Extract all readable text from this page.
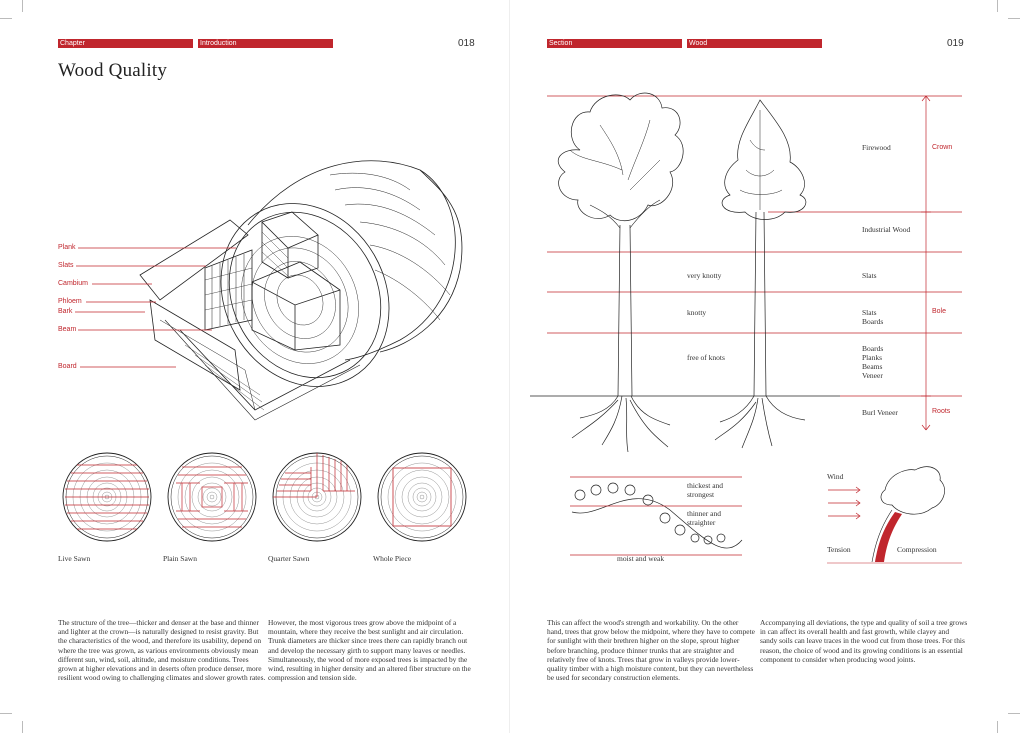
Chapter	Introduction	018
Wood Quality
Plank
Slats
Cambium
Phloem
Bark
Beam
Board
Live Sawn	Plain Sawn	Quarter Sawn	Whole Piece

The structure of the tree—thicker and denser at the base and thinner and lighter at the crown—is naturally designed to resist gravity. But the characteristics of the wood, and therefore its usability, depend on where the tree was grown, as various environments obviously mean different sun, wind, soil, altitude, and moisture conditions. Trees grown at higher elevations and in deserts often produce denser, more resilient wood owing to challenging climates and slower growth rates.

However, the most vigorous trees grow above the midpoint of a mountain, where they receive the best sunlight and air circulation. Trunk diameters are thicker since trees there can rapidly branch out and develop the necessary girth to support many leaves or needles. Simultaneously, the wood of more exposed trees is impacted by the wind, resulting in higher density and an altered fiber structure on the compression and tension side.

Section	Wood	019
Firewood
Industrial Wood
Slats
Slats
Boards
Boards
Planks
Beams
Veneer
Burl Veneer
Crown
Bole
Roots
very knotty
knotty
free of knots
thickest and
strongest
thinner and
straighter
moist and weak
Wind
Tension	Compression

This can affect the wood's strength and workability. On the other hand, trees that grow below the midpoint, where they have to compete for sunlight with their brethren higher on the slope, sprout higher before branching, produce thinner trunks that are straighter and relatively free of knots. Trees that grow in valleys provide lower-quality timber with a high moisture content, but they can nevertheless be used for secondary construction elements.

Accompanying all deviations, the type and quality of soil a tree grows in can affect its overall health and fast growth, while clayey and sandy soils can leave traces in the wood cut from those trees. For this reason, the choice of wood and its growing conditions is an essential component to consider when producing wood joints.
